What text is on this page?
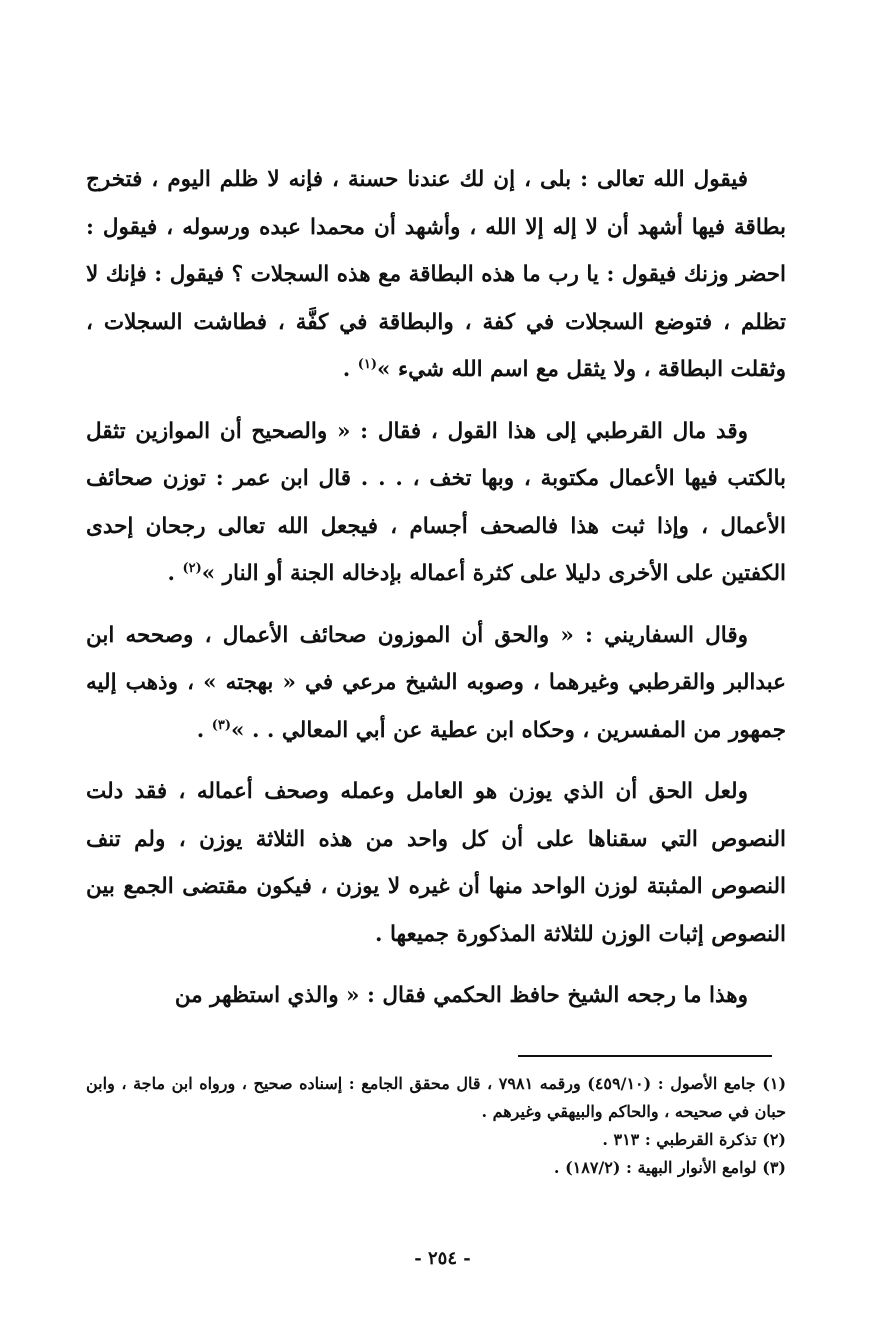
فيقول الله تعالى : بلى ، إن لك عندنا حسنة ، فإنه لا ظلم اليوم ، فتخرج بطاقة فيها أشهد أن لا إله إلا الله ، وأشهد أن محمدا عبده ورسوله ، فيقول : احضر وزنك فيقول : يا رب ما هذه البطاقة مع هذه السجلات ؟ فيقول : فإنك لا تظلم ، فتوضع السجلات في كفة ، والبطاقة في كفَّة ، فطاشت السجلات ، وثقلت البطاقة ، ولا يثقل مع اسم الله شيء »$^{(١)}$ .

وقد مال القرطبي إلى هذا القول ، فقال : « والصحيح أن الموازين تثقل بالكتب فيها الأعمال مكتوبة ، وبها تخف ، . . . قال ابن عمر : توزن صحائف الأعمال ، وإذا ثبت هذا فالصحف أجسام ، فيجعل الله تعالى رجحان إحدى الكفتين على الأخرى دليلا على كثرة أعماله بإدخاله الجنة أو النار »$^{(٢)}$ .

وقال السفاريني : « والحق أن الموزون صحائف الأعمال ، وصححه ابن عبدالبر والقرطبي وغيرهما ، وصوبه الشيخ مرعي في « بهجته » ، وذهب إليه جمهور من المفسرين ، وحكاه ابن عطية عن أبي المعالي . . »$^{(٣)}$ .

ولعل الحق أن الذي يوزن هو العامل وعمله وصحف أعماله ، فقد دلت النصوص التي سقناها على أن كل واحد من هذه الثلاثة يوزن ، ولم تنف النصوص المثبتة لوزن الواحد منها أن غيره لا يوزن ، فيكون مقتضى الجمع بين النصوص إثبات الوزن للثلاثة المذكورة جميعها .

وهذا ما رجحه الشيخ حافظ الحكمي فقال : « والذي استظهر من

(١) جامع الأصول : (٤٥٩/١٠) ورقمه ٧٩٨١ ، قال محقق الجامع : إسناده صحيح ، ورواه ابن ماجة ، وابن حبان في صحيحه ، والحاكم والبيهقي وغيرهم .

(٢) تذكرة القرطبي : ٣١٣ .

(٣) لوامع الأنوار البهية : (١٨٧/٢) .

- ٢٥٤ -
